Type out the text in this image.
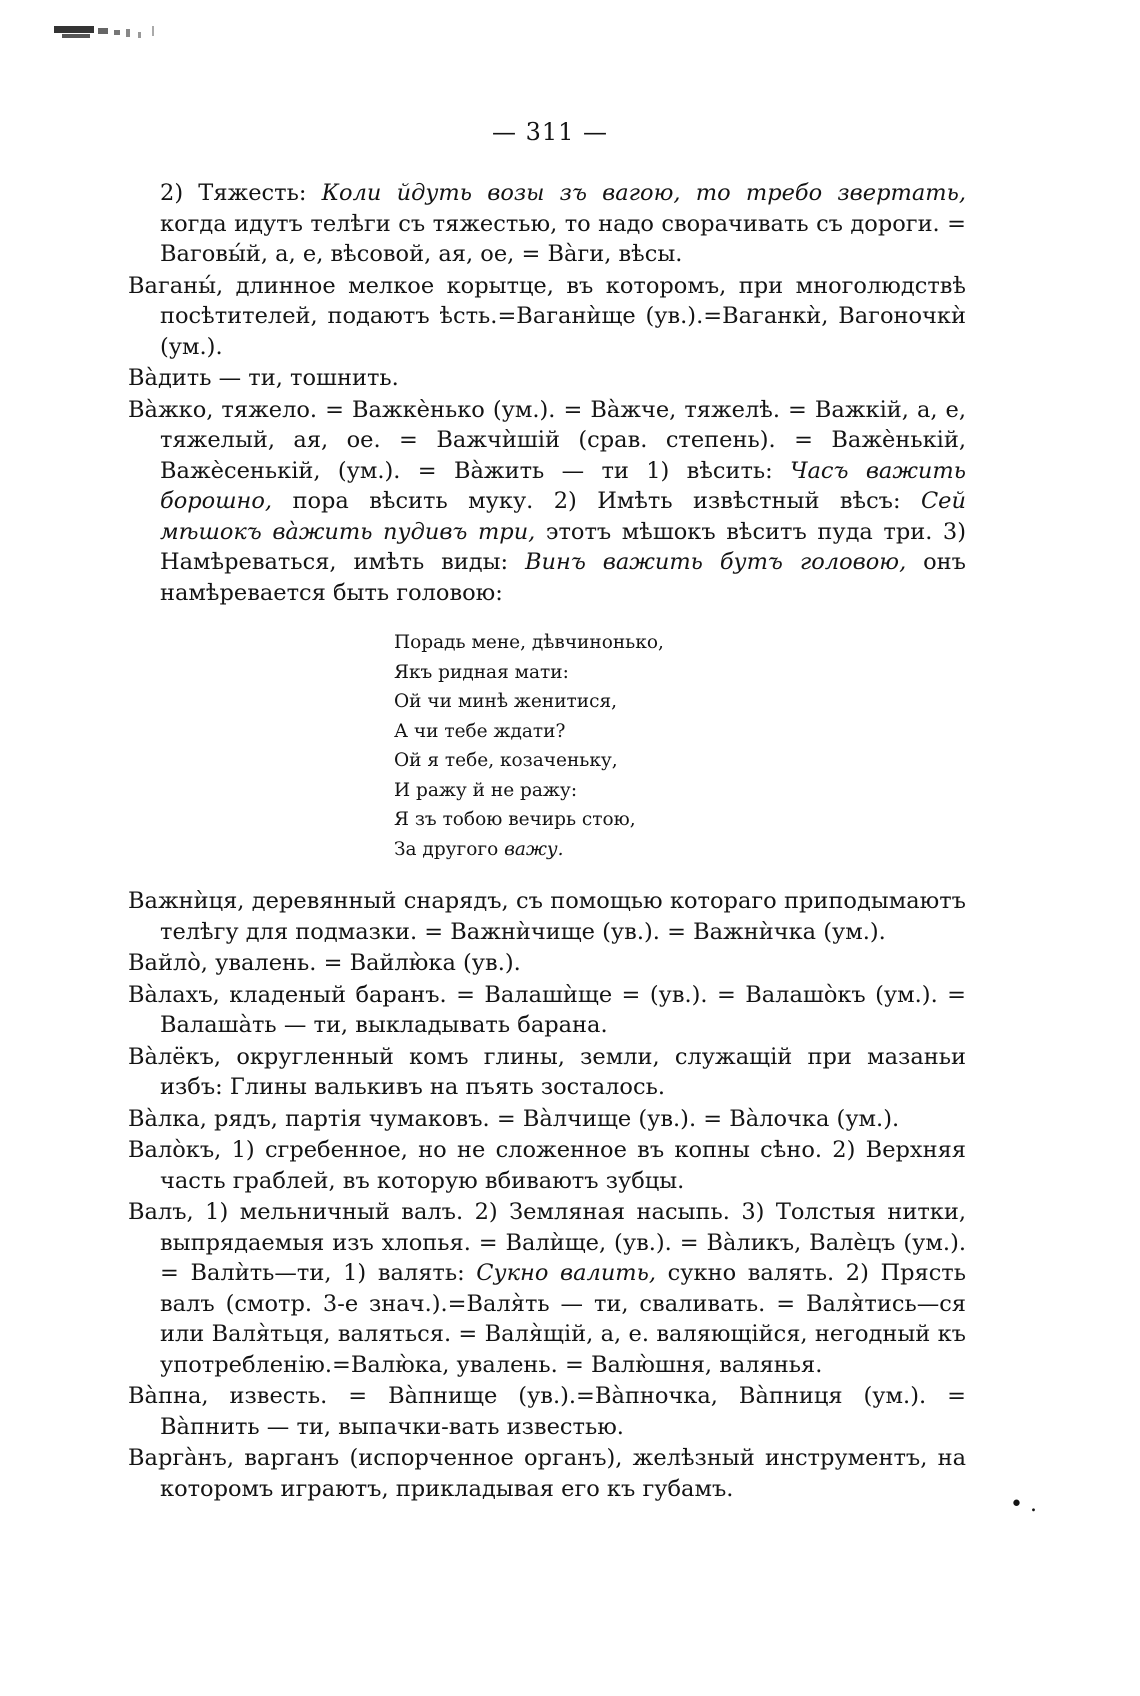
— 311 —

2) Тяжесть: Коли йдуть возы зъ вагою, то требо звертать, когда идутъ телѣги съ тяжестью, то надо сворачивать съ дороги. = Ваговы́й, а, е, вѣсовой, ая, ое, = Ва̀ги, вѣсы.

Ваганы́, длинное мелкое корытце, въ которомъ, при многолюдствѣ посѣтителей, подаютъ ѣсть.=Ваганѝще (ув.).=Ваганкѝ, Вагоночкѝ (ум.).

Ва̀дить — ти, тошнить.

Ва̀жко, тяжело. = Важкѐнько (ум.). = Ва̀жче, тяжелѣ. = Важкій, а, е, тяжелый, ая, ое. = Важчѝшій (срав. степень). = Важѐнькій, Важѐсенькій, (ум.). = Ва̀жить — ти 1) вѣсить: Часъ важить борошно, пора вѣсить муку. 2) Имѣть извѣстный вѣсъ: Сей мѣшокъ ва̀жить пудивъ три, этотъ мѣшокъ вѣситъ пуда три. 3) Намѣреваться, имѣть виды: Винъ важить бутъ головою, онъ намѣревается быть головою:

Порадь мене, дѣвчинонько,
Якъ ридная мати:
Ой чи минѣ женитися,
А чи тебе ждати?
Ой я тебе, козаченьку,
И ражу й не ражу:
Я зъ тобою вечирь стою,
За другого важу.

Важнѝця, деревянный снарядъ, съ помощью котораго приподымаютъ телѣгу для подмазки. = Важнѝчище (ув.). = Важнѝчка (ум.).

Вайло̀, увалень. = Вайлю̀ка (ув.).

Ва̀лахъ, кладеный баранъ. = Валашѝще = (ув.). = Валашо̀къ (ум.). = Валаша̀ть — ти, выкладывать барана.

Ва̀лёкъ, округленный комъ глины, земли, служащій при мазаньи избъ: Глины валькивъ на пъять зосталось.

Ва̀лка, рядъ, партія чумаковъ. = Ва̀лчище (ув.). = Ва̀лочка (ум.).

Вало̀къ, 1) сгребенное, но не сложенное въ копны сѣно. 2) Верхняя часть граблей, въ которую вбиваютъ зубцы.

Валъ, 1) мельничный валъ. 2) Земляная насыпь. 3) Толстыя нитки, выпрядаемыя изъ хлопья. = Валѝще, (ув.). = Ва̀ликъ, Валѐцъ (ум.). = Валѝть—ти, 1) валять: Сукно валить, сукно валять. 2) Прясть валъ (смотр. 3-е знач.).=Валя̀ть — ти, сваливать. = Валя̀тись—ся или Валя̀тьця, валяться. = Валя̀щій, а, е. валяющійся, негодный къ употребленію.=Валю̀ка, увалень. = Валю̀шня, валянья.

Ва̀пна, известь. = Ва̀пнище (ув.).=Ва̀пночка, Ва̀пниця (ум.). = Ва̀пнить — ти, выпачки-вать известью.

Варга̀нъ, варганъ (испорченное органъ), желѣзный инструментъ, на которомъ играютъ, прикладывая его къ губамъ.

• .
